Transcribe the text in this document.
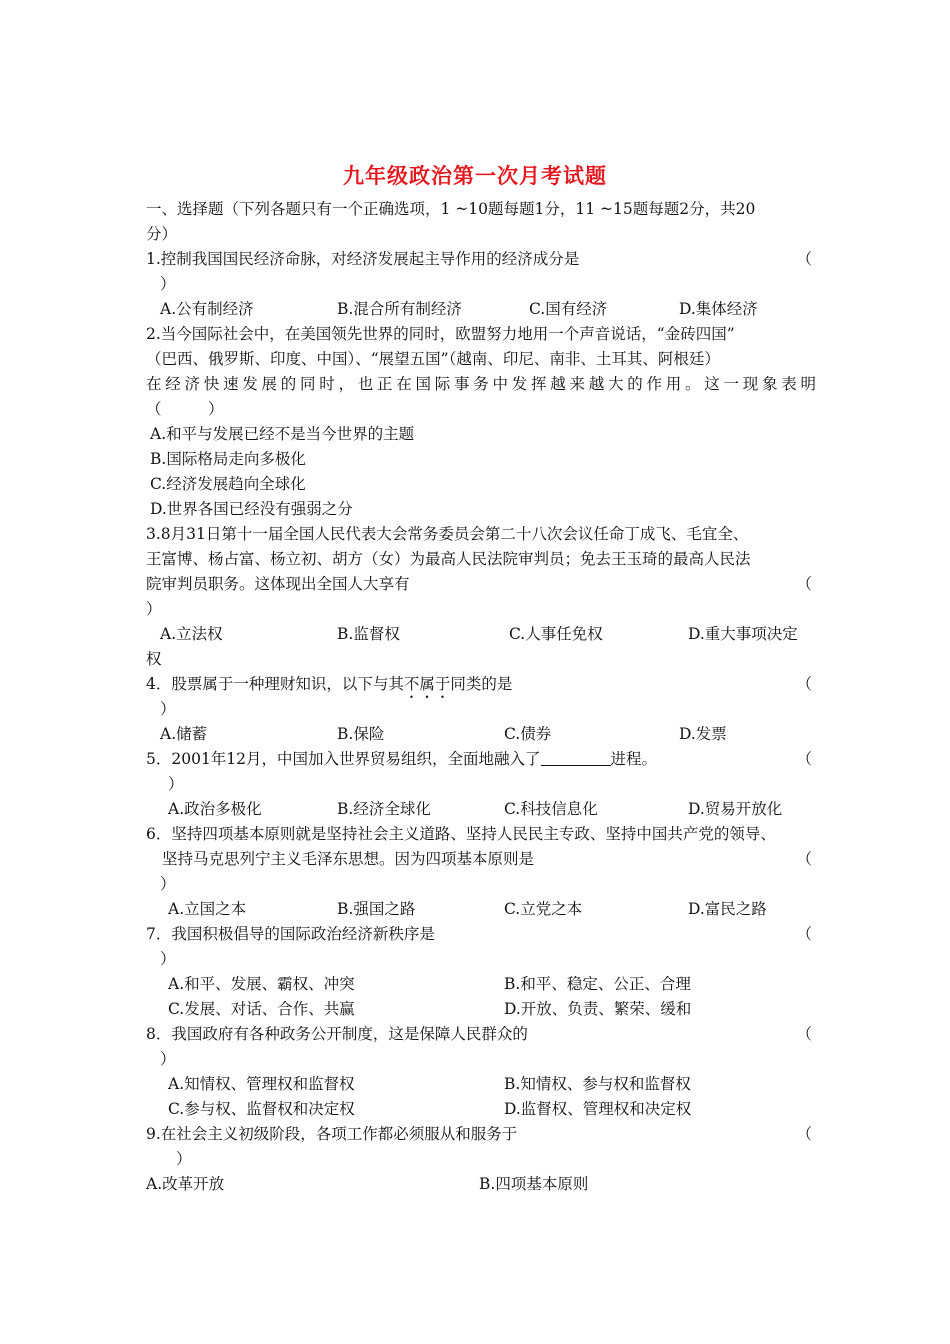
九年级政治第一次月考试题
一、选择题（下列各题只有一个正确选项，1 ~10题每题1分，11 ~15题每题2分，共20
分）
1.控制我国国民经济命脉，对经济发展起主导作用的经济成分是	（
）
A.公有制经济	B.混合所有制经济	C.国有经济	D.集体经济
2.当今国际社会中，在美国领先世界的同时，欧盟努力地用一个声音说话，“金砖四国”
（巴西、俄罗斯、印度、中国）、“展望五国”（越南、印尼、南非、土耳其、阿根廷）
在经济快速发展的同时，也正在国际事务中发挥越来越大的作用。这一现象表明
（　　　）
A.和平与发展已经不是当今世界的主题
B.国际格局走向多极化
C.经济发展趋向全球化
D.世界各国已经没有强弱之分
3.8月31日第十一届全国人民代表大会常务委员会第二十八次会议任命丁成飞、毛宜全、
王富博、杨占富、杨立初、胡方（女）为最高人民法院审判员；免去王玉琦的最高人民法
院审判员职务。这体现出全国人大享有	（
）
A.立法权	B.监督权	C.人事任免权	D.重大事项决定
权
4．股票属于一种理财知识，以下与其不属于同类的是	（
）
A.储蓄	B.保险	C.债券	D.发票
5．2001年12月，中国加入世界贸易组织，全面地融入了	进程。	（
）
A.政治多极化	B.经济全球化	C.科技信息化	D.贸易开放化
6．坚持四项基本原则就是坚持社会主义道路、坚持人民民主专政、坚持中国共产党的领导、
坚持马克思列宁主义毛泽东思想。因为四项基本原则是	（
）
A.立国之本	B.强国之路	C.立党之本	D.富民之路
7．我国积极倡导的国际政治经济新秩序是	（
）
A.和平、发展、霸权、冲突	B.和平、稳定、公正、合理
C.发展、对话、合作、共赢	D.开放、负责、繁荣、缓和
8．我国政府有各种政务公开制度，这是保障人民群众的	（
）
A.知情权、管理权和监督权	B.知情权、参与权和监督权
C.参与权、监督权和决定权	D.监督权、管理权和决定权
9.在社会主义初级阶段，各项工作都必须服从和服务于	（
）
A.改革开放	B.四项基本原则
